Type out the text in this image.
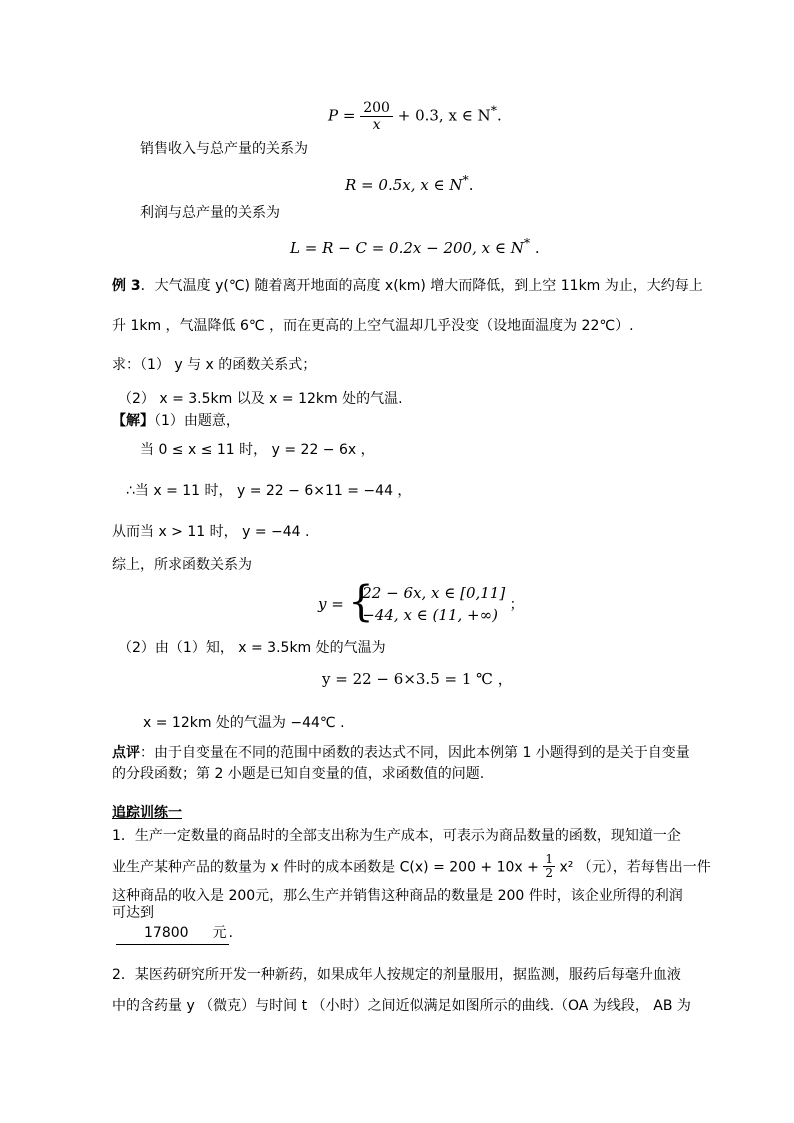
$P = \frac{200}{x} + 0.3$, x ∈ N*.
销售收入与总产量的关系为
R = 0.5x, x ∈ N*.
利润与总产量的关系为
L = R − C = 0.2x − 200, x ∈ N* .
例 3．大气温度 y(℃) 随着离开地面的高度 x(km) 增大而降低，到上空 11km 为止，大约每上
升 1km ，气温降低 6℃ ，而在更高的上空气温却几乎没变（设地面温度为 22℃）.
求：（1） y 与 x 的函数关系式；
（2） x = 3.5km 以及 x = 12km 处的气温.
【解】（1）由题意，
当 0 ≤ x ≤ 11 时， y = 22 − 6x ，
∴当 x = 11 时， y = 22 − 6×11 = −44 ，
从而当 x > 11 时， y = −44 .
综上，所求函数关系为
y = {
22 − 6x, x ∈ [0,11]
−44, x ∈ (11, +∞)
；
（2）由（1）知， x = 3.5km 处的气温为
y = 22 − 6×3.5 = 1 ℃ ，
x = 12km 处的气温为 −44℃ .
点评：由于自变量在不同的范围中函数的表达式不同，因此本例第 1 小题得到的是关于自变量
的分段函数；第 2 小题是已知自变量的值，求函数值的问题.
追踪训练一
1．生产一定数量的商品时的全部支出称为生产成本，可表示为商品数量的函数，现知道一企
业生产某种产品的数量为 x 件时的成本函数是 $C(x) = 200 + 10x + \frac{1}{2} x^2$ （元），若每售出一件
这种商品的收入是 200元，那么生产并销售这种商品的数量是 200 件时，该企业所得的利润
可达到
17800 元 .
2．某医药研究所开发一种新药，如果成年人按规定的剂量服用，据监测，服药后每毫升血液
中的含药量 y （微克）与时间 t （小时）之间近似满足如图所示的曲线.（OA 为线段， AB 为
